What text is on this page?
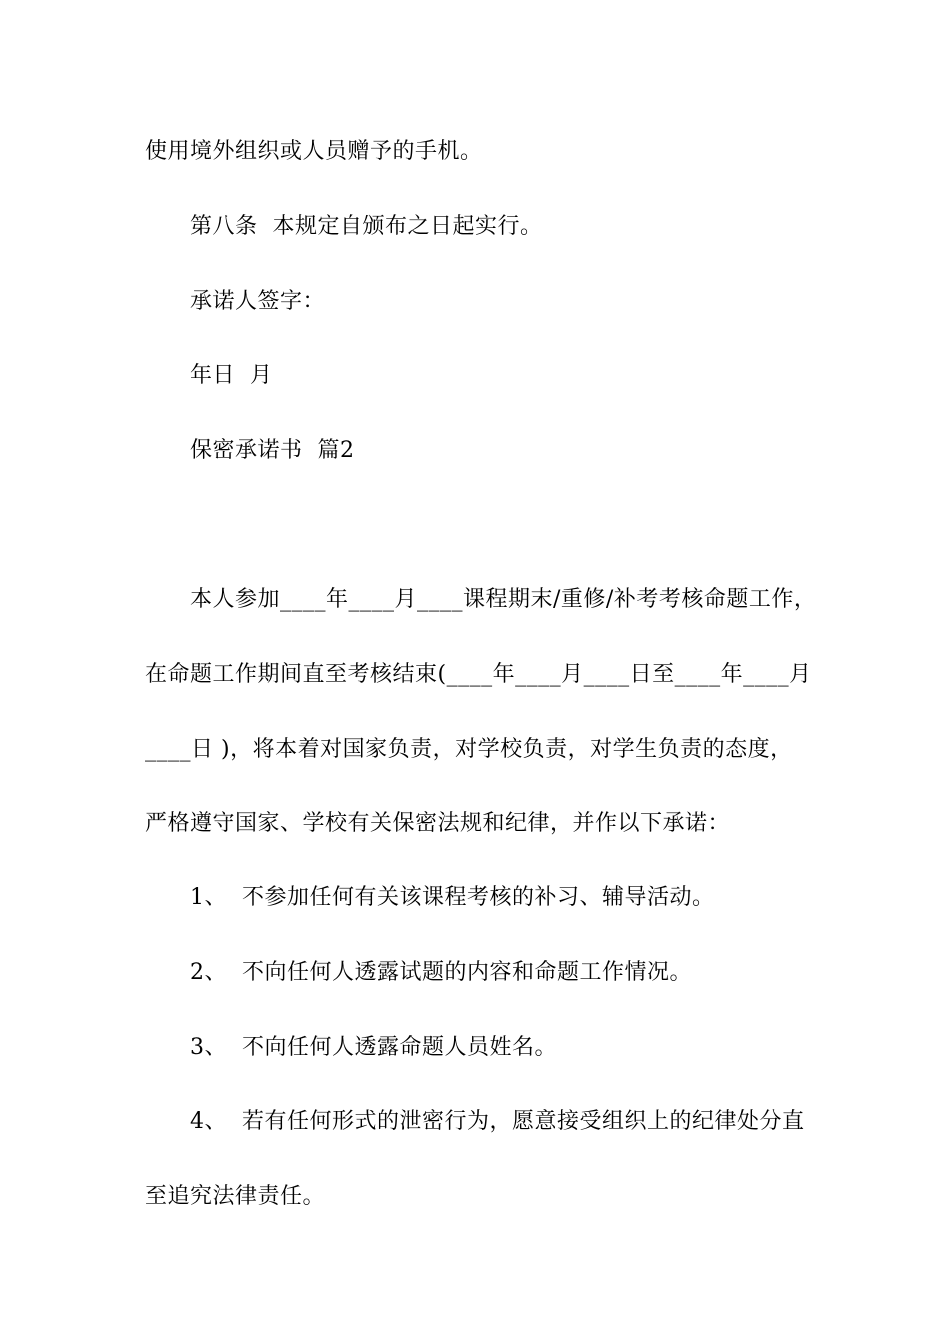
使用境外组织或人员赠予的手机。
第八条  本规定自颁布之日起实行。
承诺人签字：
年日  月
保密承诺书  篇2
本人参加____年____月____课程期末/重修/补考考核命题工作，
在命题工作期间直至考核结束(____年____月____日至____年____月
____日 )，将本着对国家负责，对学校负责，对学生负责的态度，
严格遵守国家、学校有关保密法规和纪律，并作以下承诺：
1、  不参加任何有关该课程考核的补习、辅导活动。
2、  不向任何人透露试题的内容和命题工作情况。
3、  不向任何人透露命题人员姓名。
4、  若有任何形式的泄密行为，愿意接受组织上的纪律处分直
至追究法律责任。
